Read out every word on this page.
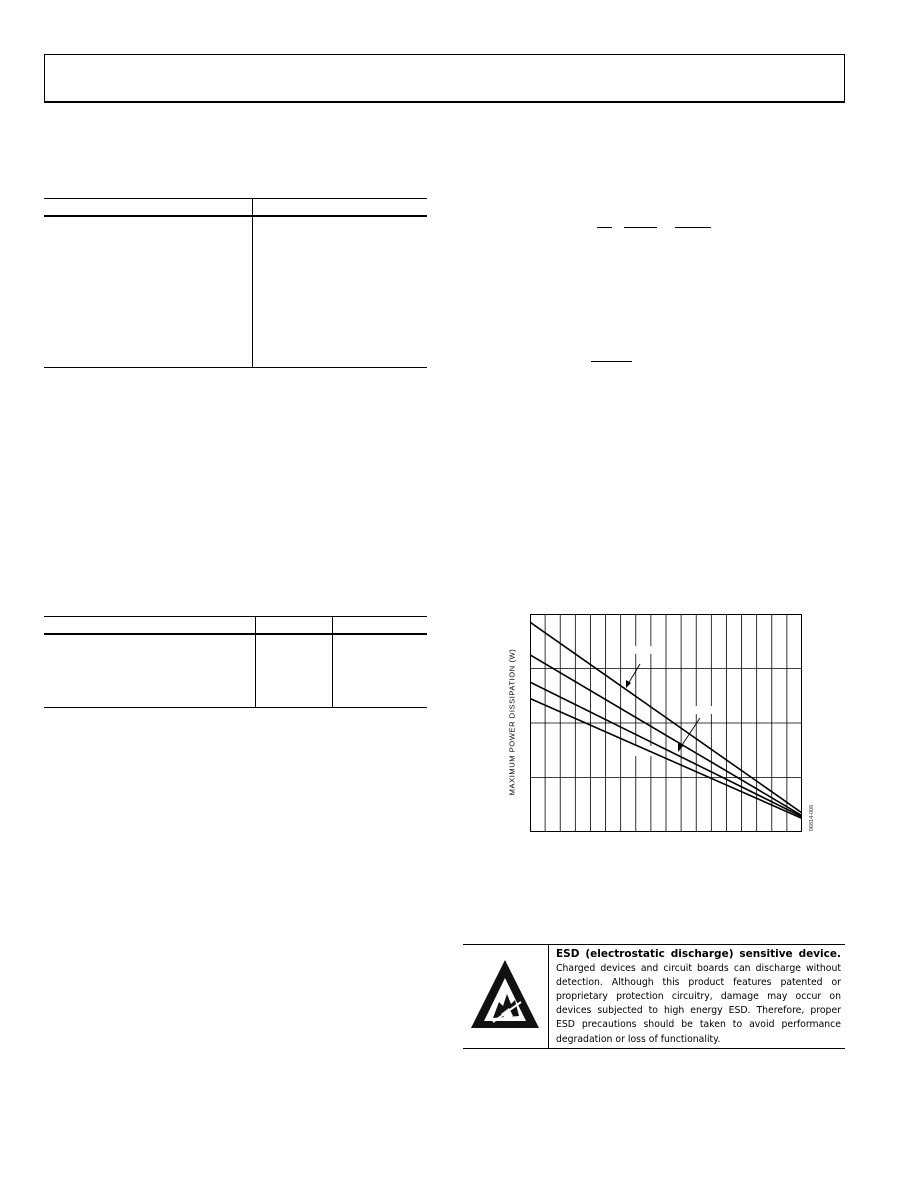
MAXIMUM POWER DISSIPATION (W)
06814-006
ESD (electrostatic discharge) sensitive device. Charged devices and circuit boards can discharge without detection. Although this product features patented or proprietary protection circuitry, damage may occur on devices subjected to high energy ESD. Therefore, proper ESD precautions should be taken to avoid performance degradation or loss of functionality.
